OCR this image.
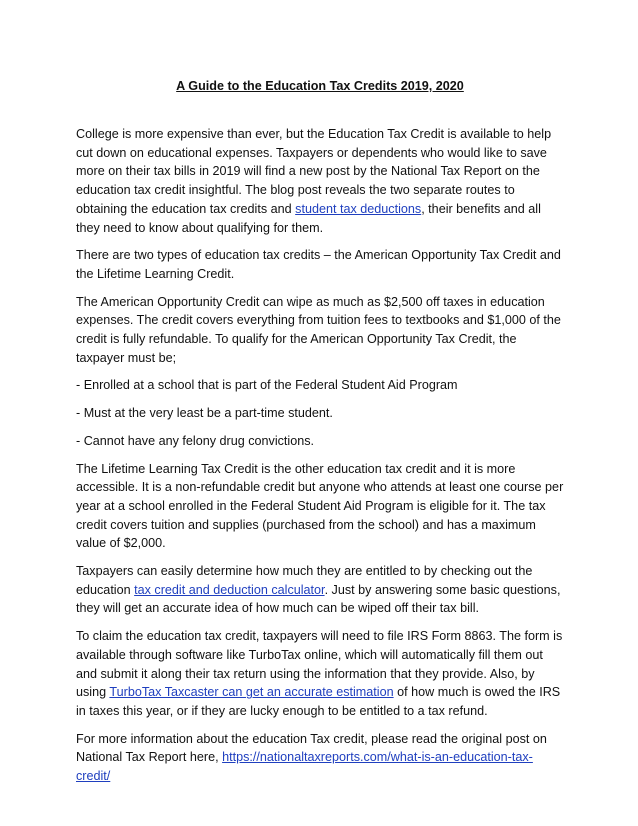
A Guide to the Education Tax Credits 2019, 2020

College is more expensive than ever, but the Education Tax Credit is available to help cut down on educational expenses. Taxpayers or dependents who would like to save more on their tax bills in 2019 will find a new post by the National Tax Report on the education tax credit insightful. The blog post reveals the two separate routes to obtaining the education tax credits and student tax deductions, their benefits and all they need to know about qualifying for them.

There are two types of education tax credits – the American Opportunity Tax Credit and the Lifetime Learning Credit.

The American Opportunity Credit can wipe as much as $2,500 off taxes in education expenses. The credit covers everything from tuition fees to textbooks and $1,000 of the credit is fully refundable. To qualify for the American Opportunity Tax Credit, the taxpayer must be;

- Enrolled at a school that is part of the Federal Student Aid Program

- Must at the very least be a part-time student.

- Cannot have any felony drug convictions.

The Lifetime Learning Tax Credit is the other education tax credit and it is more accessible. It is a non-refundable credit but anyone who attends at least one course per year at a school enrolled in the Federal Student Aid Program is eligible for it. The tax credit covers tuition and supplies (purchased from the school) and has a maximum value of $2,000.

Taxpayers can easily determine how much they are entitled to by checking out the education tax credit and deduction calculator. Just by answering some basic questions, they will get an accurate idea of how much can be wiped off their tax bill.

To claim the education tax credit, taxpayers will need to file IRS Form 8863. The form is available through software like TurboTax online, which will automatically fill them out and submit it along their tax return using the information that they provide. Also, by using TurboTax Taxcaster can get an accurate estimation of how much is owed the IRS in taxes this year, or if they are lucky enough to be entitled to a tax refund.

For more information about the education Tax credit, please read the original post on National Tax Report here, https://nationaltaxreports.com/what-is-an-education-tax-credit/
